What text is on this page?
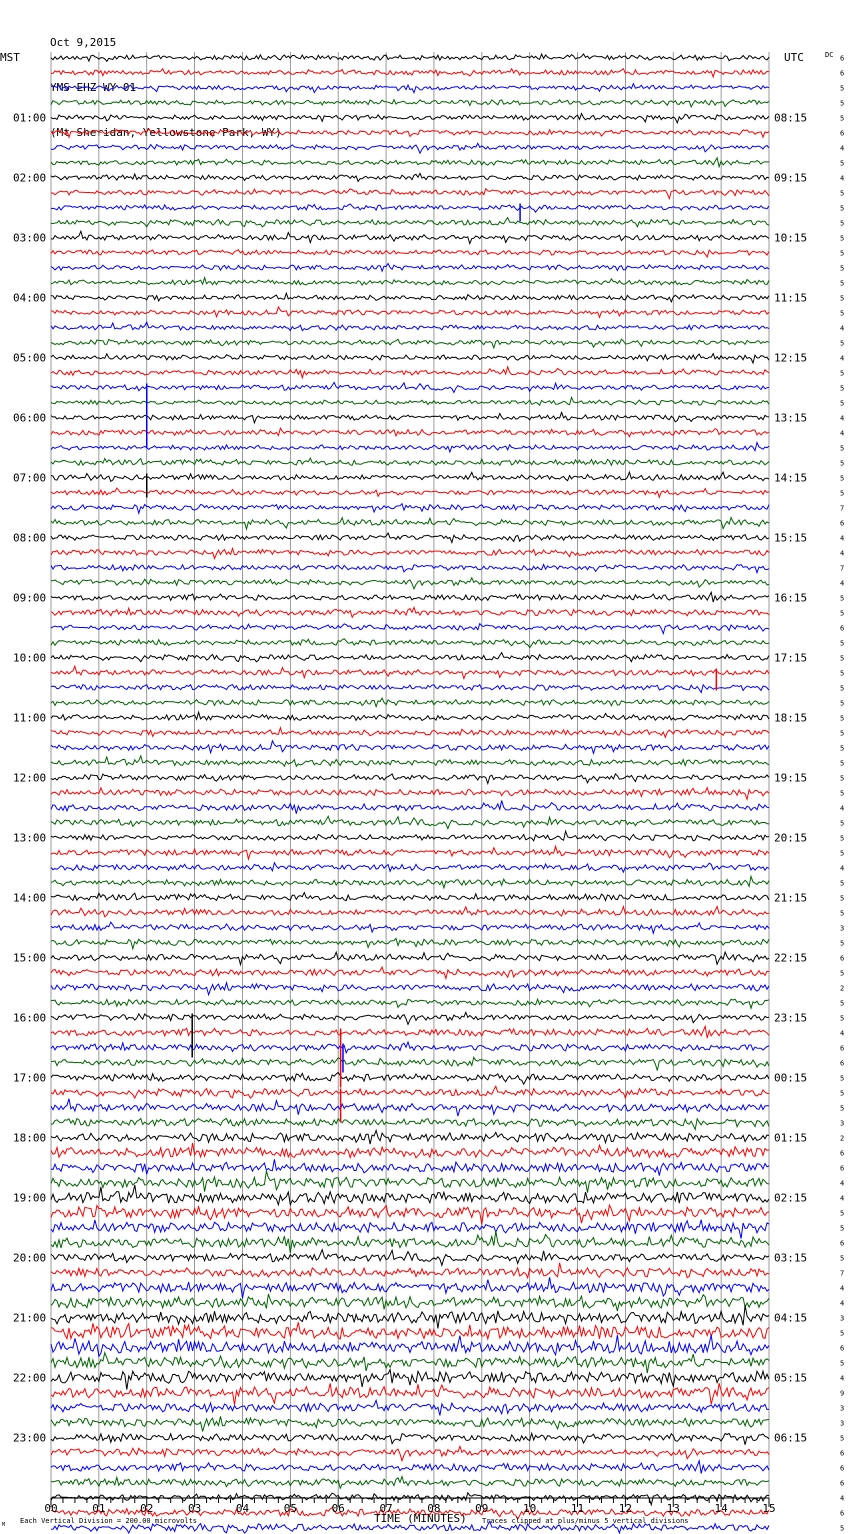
Oct 9,2015

YMS EHZ WY 01

(Mt Sheridan, Yellowstone Park, WY)

MST	UTC	DC
TIME (MINUTES)
Each Vertical Division = 200.00 microvolts	Traces clipped at plus/minus 5 vertical divisions
M
6
6
5
5
5
6
4
5
4
5
5
5
5
5
5
5
5
5
4
5
4
5
5
5
4
4
5
5
5
5
7
6
4
4
7
4
5
5
6
5
5
5
5
5
5
5
5
5
5
5
4
5
5
5
4
5
5
5
3
5
6
5
2
5
5
4
6
6
5
5
5
3
2
6
6
4
4
5
5
6
5
7
4
4
3
5
6
5
4
9
3
3
5
6
6
6
4
6
5
01:00
02:00
03:00
04:00
05:00
06:00
07:00
08:00
09:00
10:00
11:00
12:00
13:00
14:00
15:00
16:00
17:00
18:00
19:00
20:00
21:00
22:00
23:00
08:15
09:15
10:15
11:15
12:15
13:15
14:15
15:15
16:15
17:15
18:15
19:15
20:15
21:15
22:15
23:15
00:15
01:15
02:15
03:15
04:15
05:15
06:15
00	01	02	03	04	05	06	07	08	09	10	11	12	13	14	15
